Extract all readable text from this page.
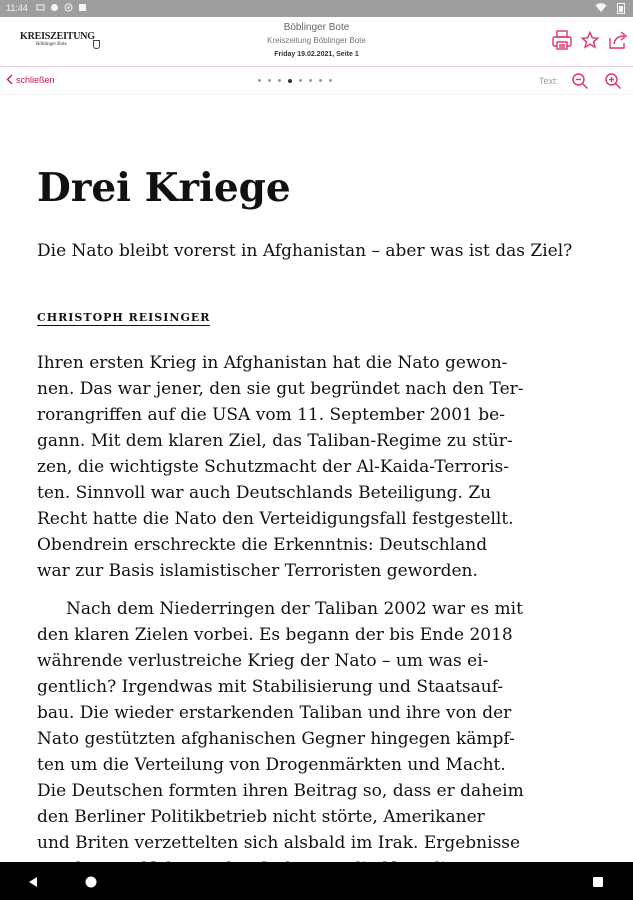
11:44
KREISZEITUNG
Böblinger Bote
Böblinger Bote
Kreiszeitung Böblinger Bote
Friday 19.02.2021, Seite 1
schließen	Text:
Drei Kriege

Die Nato bleibt vorerst in Afghanistan – aber was ist das Ziel?

CHRISTOPH REISINGER
Ihren ersten Krieg in Afghanistan hat die Nato gewon-
nen. Das war jener, den sie gut begründet nach den Ter-
rorangriffen auf die USA vom 11. September 2001 be-
gann. Mit dem klaren Ziel, das Taliban-Regime zu stür-
zen, die wichtigste Schutzmacht der Al-Kaida-Terroris-
ten. Sinnvoll war auch Deutschlands Beteiligung. Zu
Recht hatte die Nato den Verteidigungsfall festgestellt.
Obendrein erschreckte die Erkenntnis: Deutschland
war zur Basis islamistischer Terroristen geworden.
Nach dem Niederringen der Taliban 2002 war es mit
den klaren Zielen vorbei. Es begann der bis Ende 2018
währende verlustreiche Krieg der Nato – um was ei-
gentlich? Irgendwas mit Stabilisierung und Staatsauf-
bau. Die wieder erstarkenden Taliban und ihre von der
Nato gestützten afghanischen Gegner hingegen kämpf-
ten um die Verteilung von Drogenmärkten und Macht.
Die Deutschen formten ihren Beitrag so, dass er daheim
den Berliner Politikbetrieb nicht störte, Amerikaner
und Briten verzettelten sich alsbald im Irak. Ergebnisse
